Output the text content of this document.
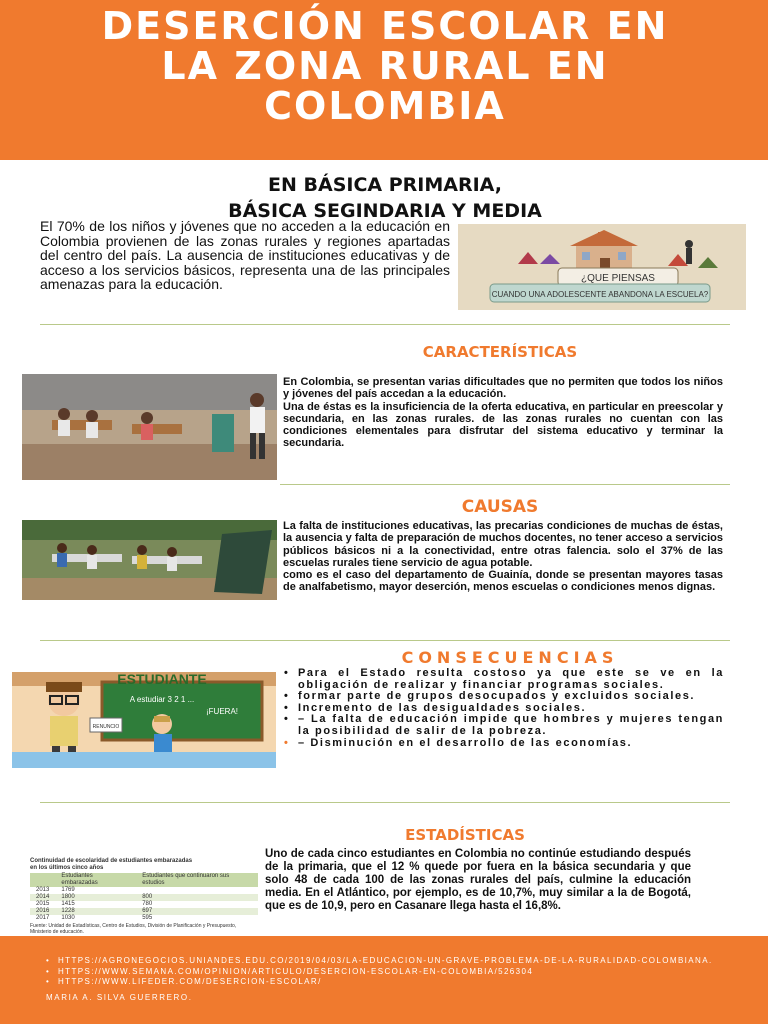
DESERCIÓN ESCOLAR EN
LA ZONA RURAL EN
COLOMBIA
EN BÁSICA PRIMARIA,
BÁSICA SEGINDARIA Y MEDIA
El 70% de los niños y jóvenes que no acceden a la educación en Colombia provienen de las zonas rurales y regiones apartadas del centro del país. La ausencia de instituciones educativas y de acceso a los servicios básicos, representa una de las principales amenazas para la educación.	¿QUE PIENSAS
CUANDO UNA ADOLESCENTE ABANDONA LA ESCUELA?
CARACTERÍSTICAS
En Colombia, se presentan varias dificultades que no permiten que todos los niños y jóvenes del país accedan a la educación.
Una de éstas es la insuficiencia de la oferta educativa, en particular en preescolar y secundaria, en las zonas rurales. de las zonas rurales no cuentan con las condiciones elementales para disfrutar del sistema educativo y terminar la secundaria.
CAUSAS
La falta de instituciones educativas, las precarias condiciones de muchas de éstas, la ausencia y falta de preparación de muchos docentes, no tener acceso a servicios públicos básicos ni a la conectividad, entre otras falencia. solo el 37% de las escuelas rurales tiene servicio de agua potable.
como es el caso del departamento de Guainía, donde se presentan mayores tasas de analfabetismo, mayor deserción, menos escuelas o condiciones menos dignas.
CONSECUENCIAS
ESTUDIANTE
A estudiar 3 2 1 ...
¡FUERA!
RENUNCIO
• Para el Estado resulta costoso ya que este se ve en la obligación de realizar y financiar programas sociales.
• formar parte de grupos desocupados y excluidos sociales.
• Incremento de las desigualdades sociales.
• – La falta de educación impide que hombres y mujeres tengan la posibilidad de salir de la pobreza.
• – Disminución en el desarrollo de las economías.
ESTADÍSTICAS
Continuidad de escolaridad de estudiantes embarazadas en los últimos cinco años
	Estudiantes embarazadas	Estudiantes que continuaron sus estudios
2013	1769	
2014	1800	800
2015	1415	780
2016	1228	697
2017	1030	595
Fuente: Unidad de Estadísticas, Centro de Estudios, División de Planificación y Presupuesto, Ministerio de educación.
Uno de cada cinco estudiantes en Colombia no continúe estudiando después de la primaria, que el 12 % quede por fuera en la básica secundaria y que solo 48 de cada 100 de las zonas rurales del país, culmine la educación media. En el Atlántico, por ejemplo, es de 10,7%, muy similar a la de Bogotá, que es de 10,9, pero en Casanare llega hasta el 16,8%.
• HTTPS://AGRONEGOCIOS.UNIANDES.EDU.CO/2019/04/03/LA-EDUCACION-UN-GRAVE-PROBLEMA-DE-LA-RURALIDAD-COLOMBIANA.
• HTTPS://WWW.SEMANA.COM/OPINION/ARTICULO/DESERCION-ESCOLAR-EN-COLOMBIA/526304
• HTTPS://WWW.LIFEDER.COM/DESERCION-ESCOLAR/
MARIA A. SILVA GUERRERO.
